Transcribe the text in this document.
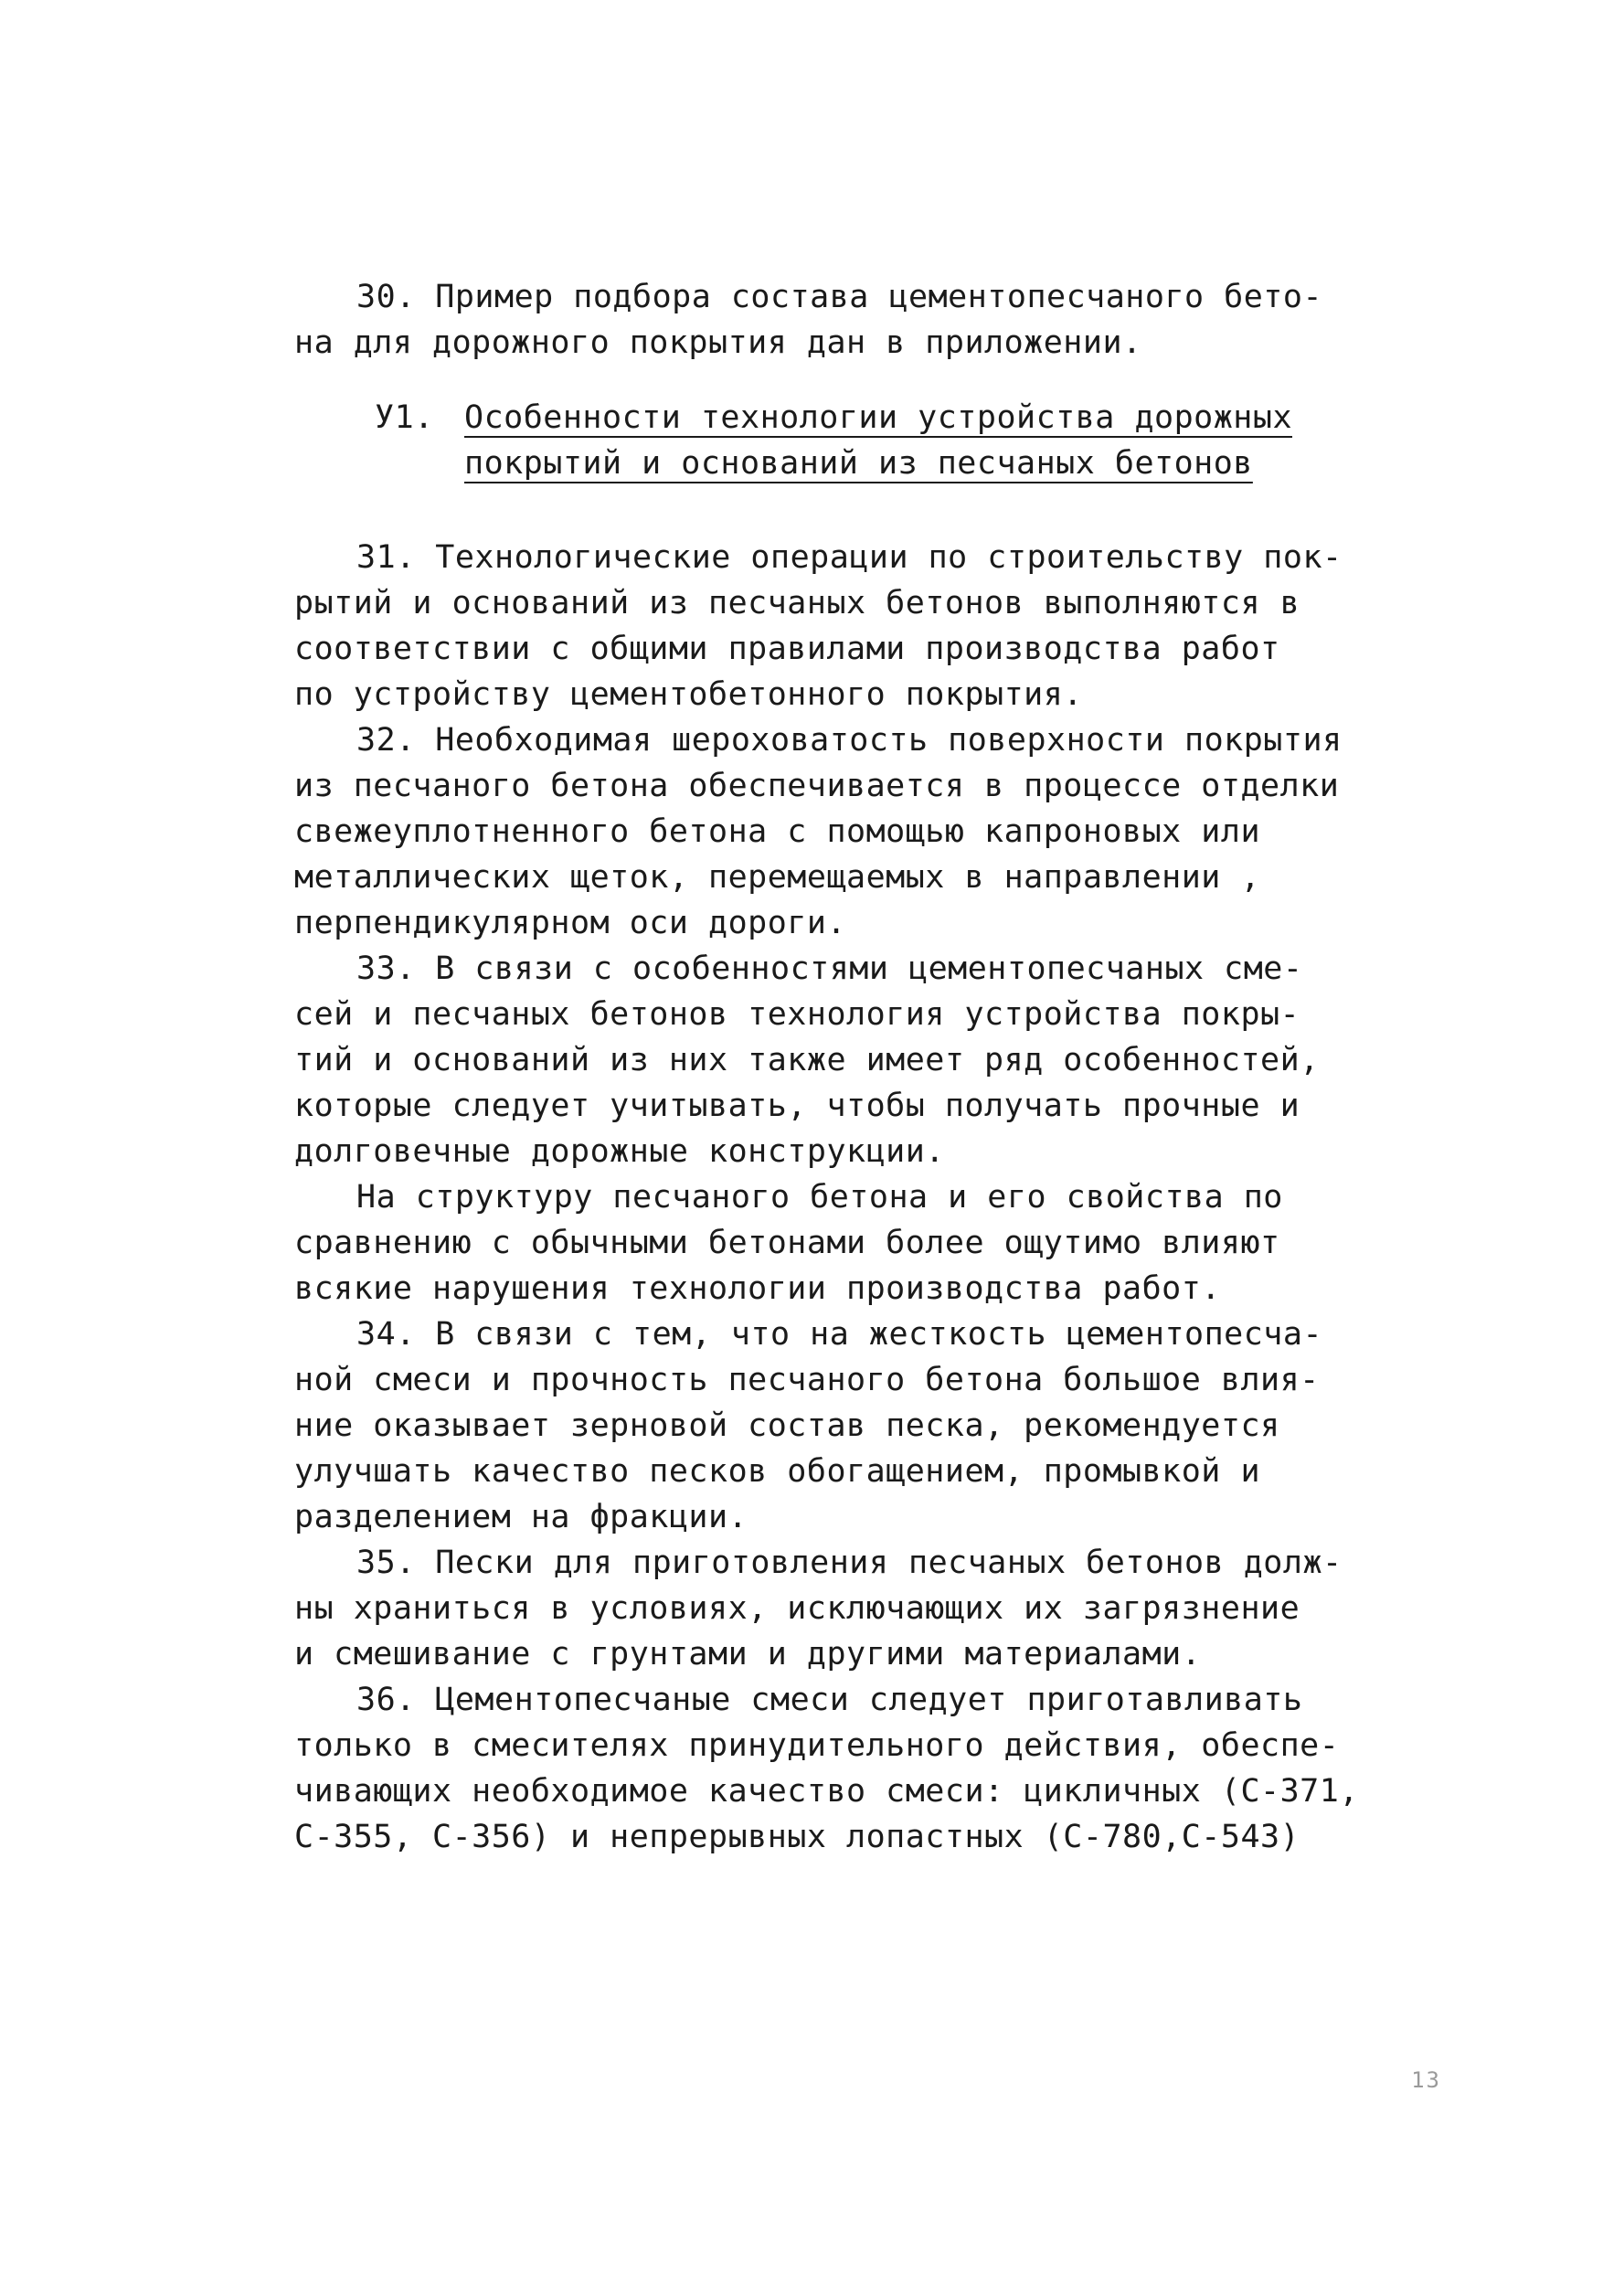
30. Пример подбора состава цементопесчаного бето-
на для дорожного покрытия дан в приложении.
У1. Особенности технологии устройства дорожных
покрытий и оснований из песчаных бетонов
31. Технологические операции по строительству пок-
рытий и оснований из песчаных бетонов выполняются в
соответствии с общими правилами производства работ
по устройству цементобетонного покрытия.
32. Необходимая шероховатость поверхности покрытия
из песчаного бетона обеспечивается в процессе отделки
свежеуплотненного бетона с помощью капроновых или
металлических щеток, перемещаемых в направлении ,
перпендикулярном оси дороги.
33. В связи с особенностями цементопесчаных сме-
сей и песчаных бетонов технология устройства покры-
тий и оснований из них также имеет ряд особенностей,
которые следует учитывать, чтобы получать прочные и
долговечные дорожные конструкции.
На структуру песчаного бетона и его свойства по
сравнению с обычными бетонами более ощутимо влияют
всякие нарушения технологии производства работ.
34. В связи с тем, что на жесткость цементопесча-
ной смеси и прочность песчаного бетона большое влия-
ние оказывает зерновой состав песка, рекомендуется
улучшать качество песков обогащением, промывкой и
разделением на фракции.
35. Пески для приготовления песчаных бетонов долж-
ны храниться в условиях, исключающих их загрязнение
и смешивание с грунтами и другими материалами.
36. Цементопесчаные смеси следует приготавливать
только в смесителях принудительного действия, обеспе-
чивающих необходимое качество смеси: цикличных (С-371,
С-355, С-356) и непрерывных лопастных (С-780,С-543)
13
